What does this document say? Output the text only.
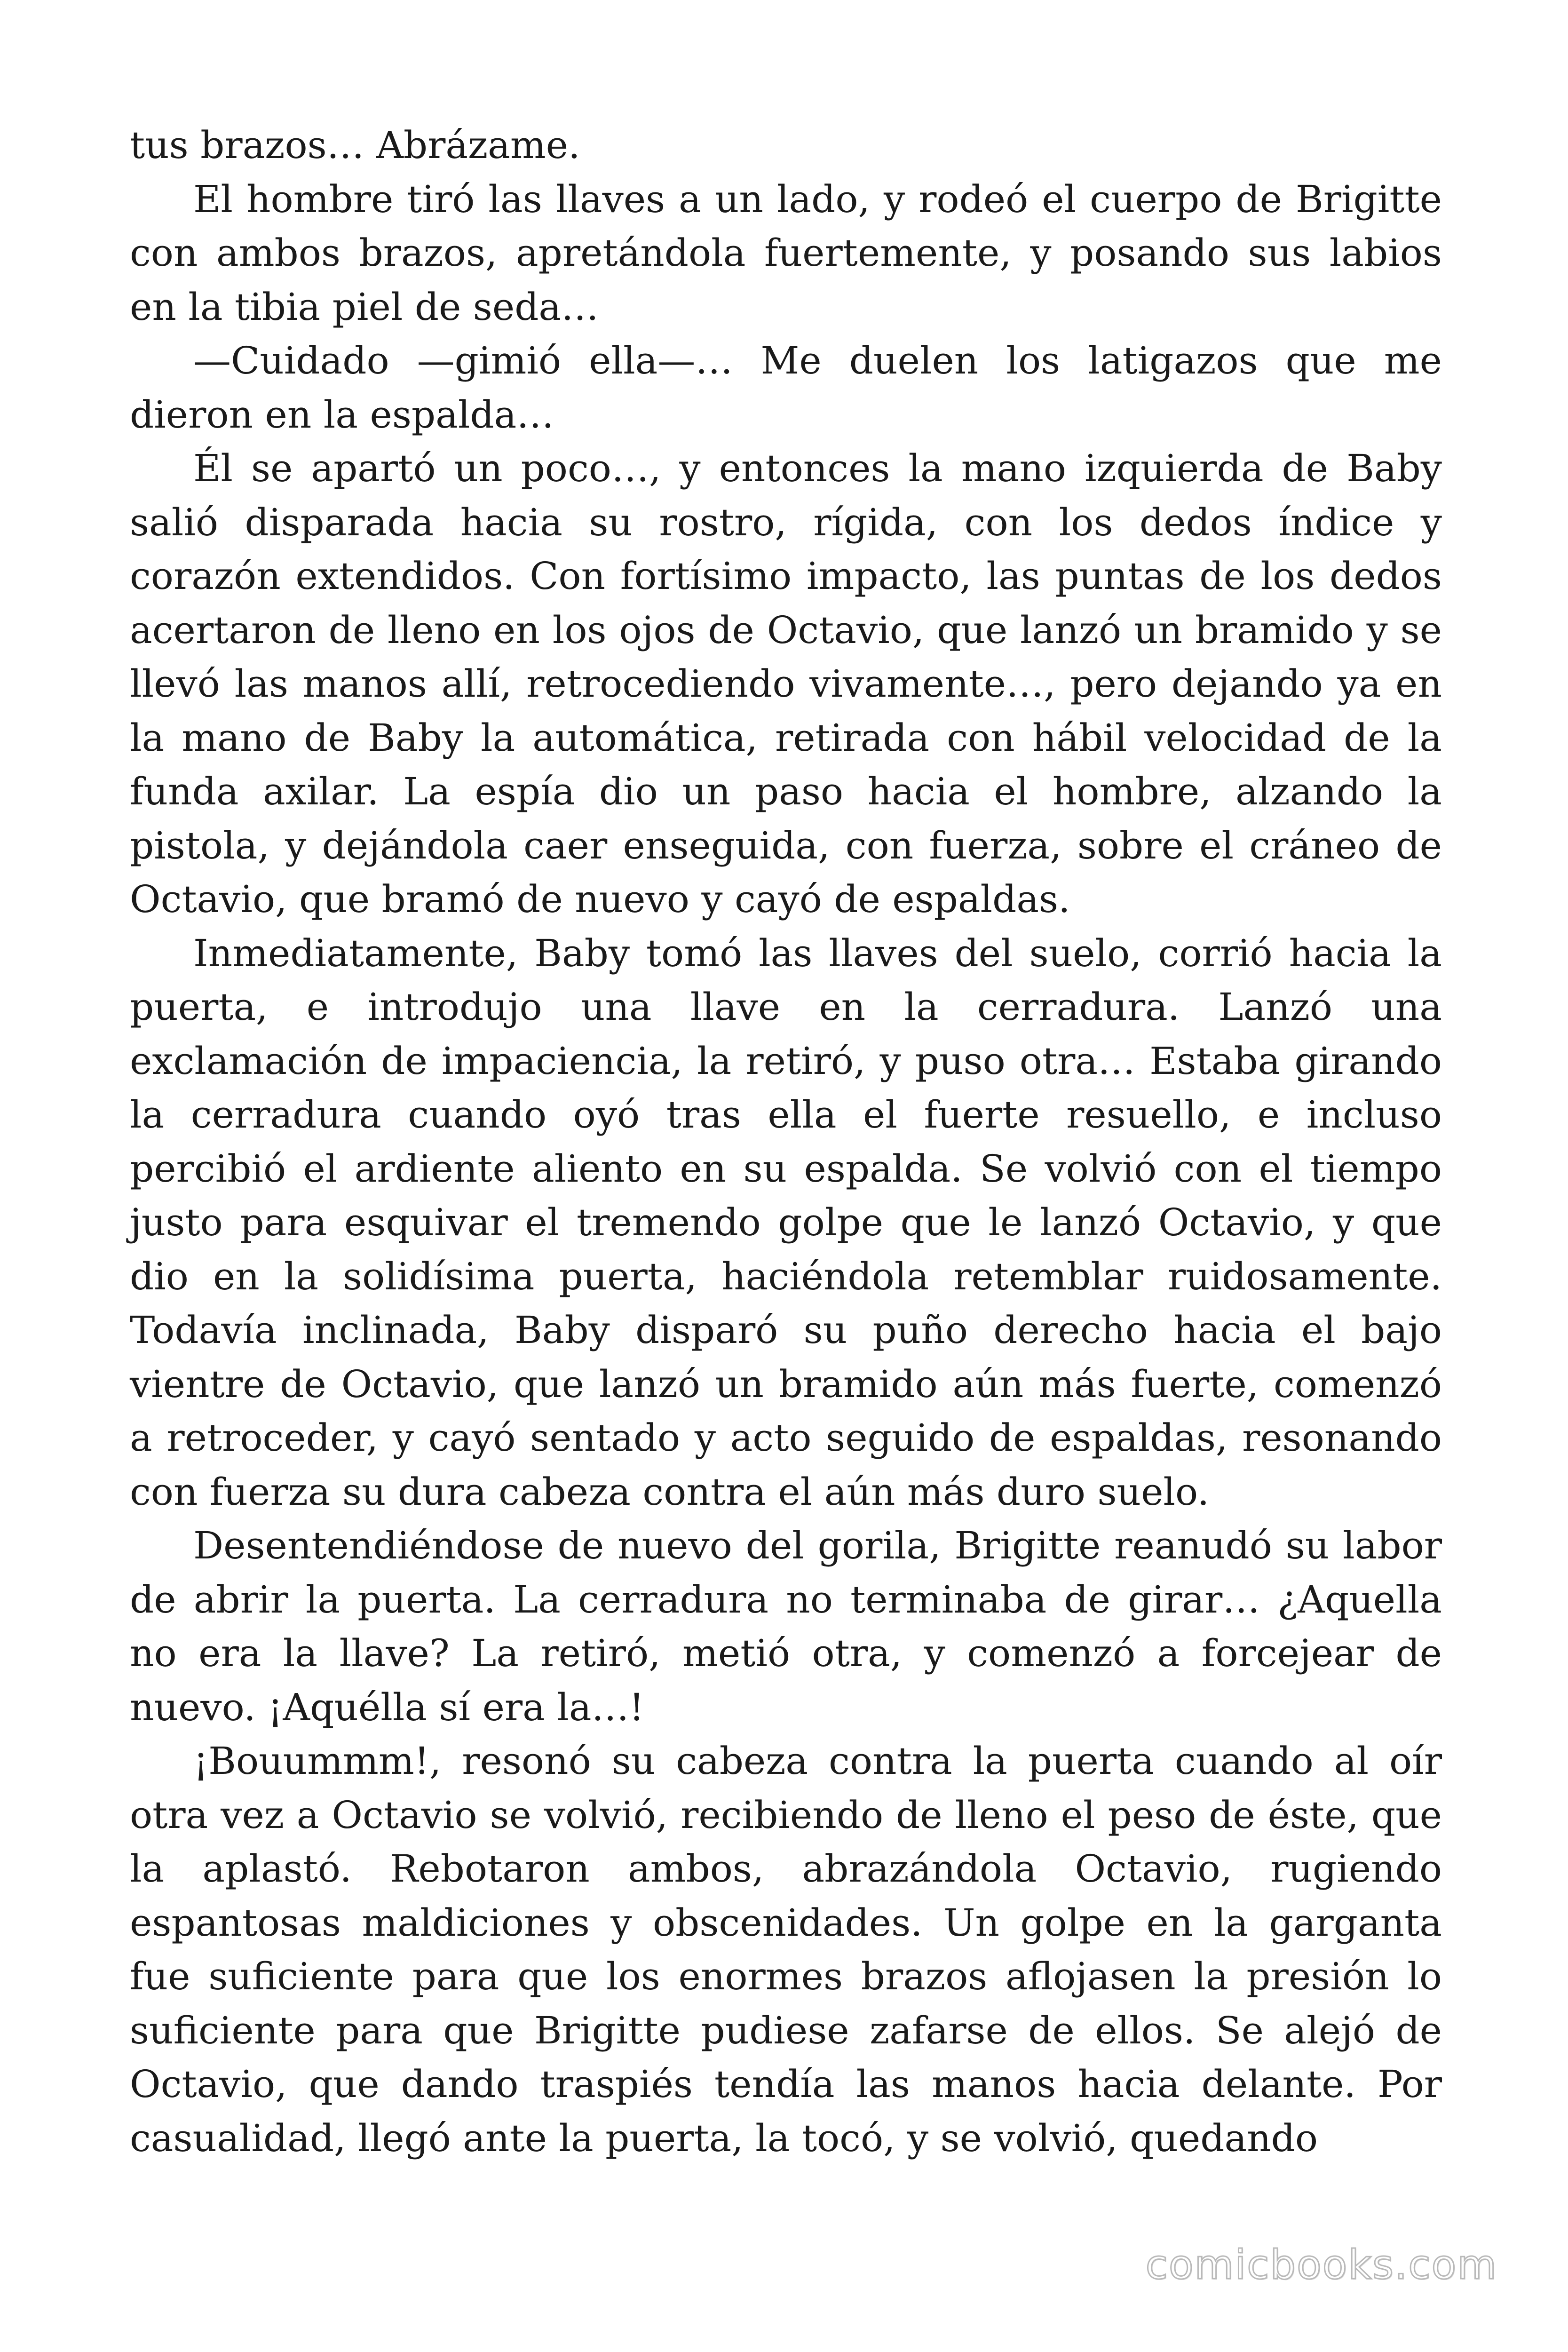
tus brazos… Abrázame.

El hombre tiró las llaves a un lado, y rodeó el cuerpo de Brigitte con ambos brazos, apretándola fuertemente, y posando sus labios en la tibia piel de seda…

—Cuidado —gimió ella—… Me duelen los latigazos que me dieron en la espalda…

Él se apartó un poco…, y entonces la mano izquierda de Baby salió disparada hacia su rostro, rígida, con los dedos índice y corazón extendidos. Con fortísimo impacto, las puntas de los dedos acertaron de lleno en los ojos de Octavio, que lanzó un bramido y se llevó las manos allí, retrocediendo vivamente…, pero dejando ya en la mano de Baby la automática, retirada con hábil velocidad de la funda axilar. La espía dio un paso hacia el hombre, alzando la pistola, y dejándola caer enseguida, con fuerza, sobre el cráneo de Octavio, que bramó de nuevo y cayó de espaldas.

Inmediatamente, Baby tomó las llaves del suelo, corrió hacia la puerta, e introdujo una llave en la cerradura. Lanzó una exclamación de impaciencia, la retiró, y puso otra… Estaba girando la cerradura cuando oyó tras ella el fuerte resuello, e incluso percibió el ardiente aliento en su espalda. Se volvió con el tiempo justo para esquivar el tremendo golpe que le lanzó Octavio, y que dio en la solidísima puerta, haciéndola retemblar ruidosamente. Todavía inclinada, Baby disparó su puño derecho hacia el bajo vientre de Octavio, que lanzó un bramido aún más fuerte, comenzó a retroceder, y cayó sentado y acto seguido de espaldas, resonando con fuerza su dura cabeza contra el aún más duro suelo.

Desentendiéndose de nuevo del gorila, Brigitte reanudó su labor de abrir la puerta. La cerradura no terminaba de girar… ¿Aquella no era la llave? La retiró, metió otra, y comenzó a forcejear de nuevo. ¡Aquélla sí era la…!

¡Bouummm!, resonó su cabeza contra la puerta cuando al oír otra vez a Octavio se volvió, recibiendo de lleno el peso de éste, que la aplastó. Rebotaron ambos, abrazándola Octavio, rugiendo espantosas maldiciones y obscenidades. Un golpe en la garganta fue suficiente para que los enormes brazos aflojasen la presión lo suficiente para que Brigitte pudiese zafarse de ellos. Se alejó de Octavio, que dando traspiés tendía las manos hacia delante. Por casualidad, llegó ante la puerta, la tocó, y se volvió, quedando

comicbooks.com
